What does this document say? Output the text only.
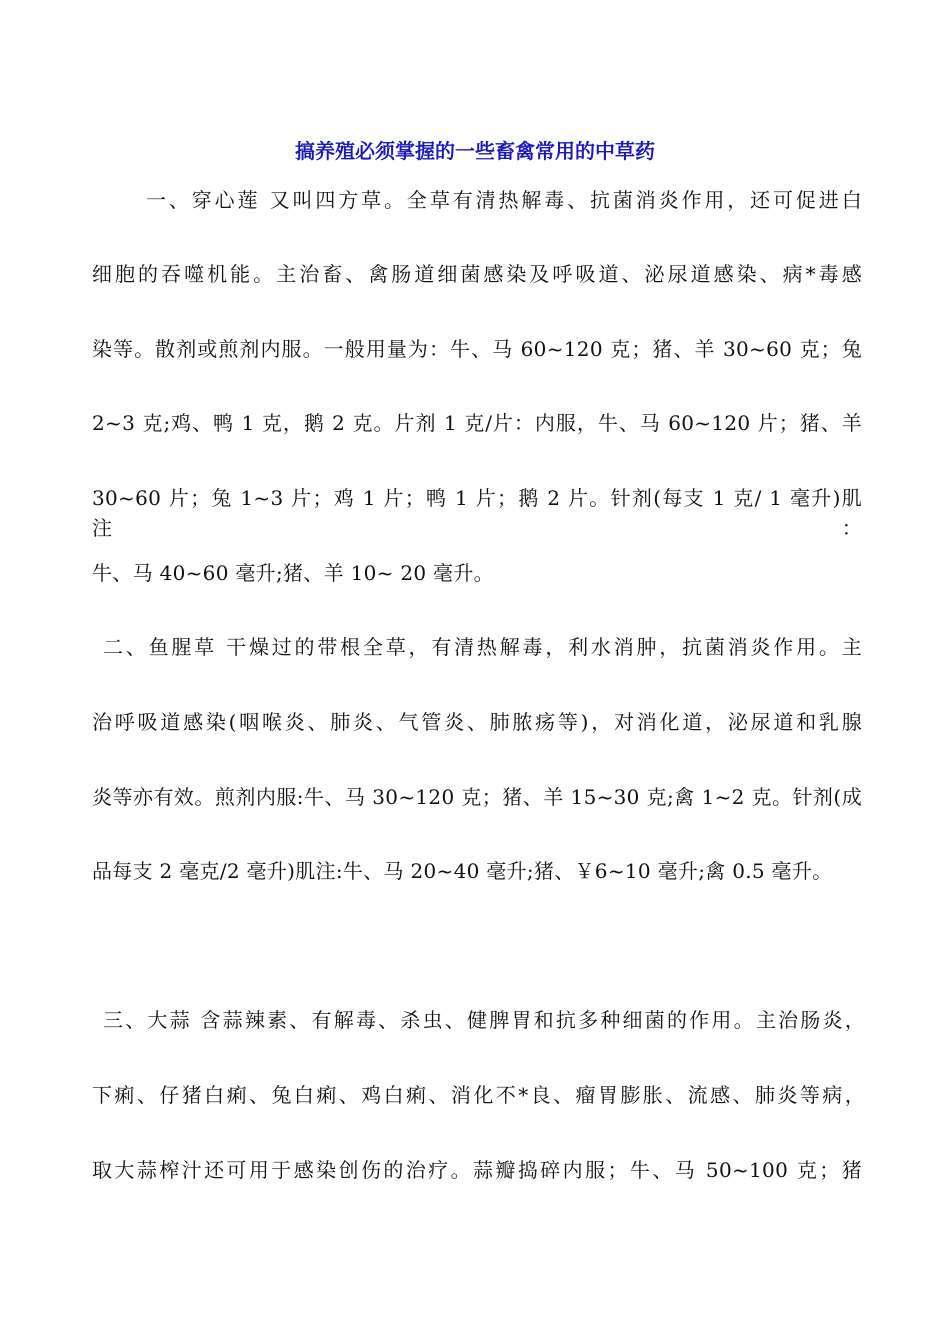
搞养殖必须掌握的一些畜禽常用的中草药

一、穿心莲 又叫四方草。全草有清热解毒、抗菌消炎作用，还可促进白

细胞的吞噬机能。主治畜、禽肠道细菌感染及呼吸道、泌尿道感染、病*毒感

染等。散剂或煎剂内服。一般用量为：牛、马 60~120 克；猪、羊 30~60 克；兔

2~3 克;鸡、鸭 1 克，鹅 2 克。片剂 1 克/片：内服，牛、马 60~120 片；猪、羊

30~60 片；兔 1~3 片；鸡 1 片；鸭 1 片；鹅 2 片。针剂(每支 1 克/ 1 毫升)肌注：

牛、马 40~60 毫升;猪、羊 10~ 20 毫升。

二、鱼腥草 干燥过的带根全草，有清热解毒，利水消肿，抗菌消炎作用。主

治呼吸道感染(咽喉炎、肺炎、气管炎、肺脓疡等)，对消化道，泌尿道和乳腺

炎等亦有效。煎剂内服:牛、马 30~120 克；猪、羊 15~30 克;禽 1~2 克。针剂(成

品每支 2 毫克/2 毫升)肌注:牛、马 20~40 毫升;猪、￥6~10 毫升;禽 0.5 毫升。

三、大蒜 含蒜辣素、有解毒、杀虫、健脾胃和抗多种细菌的作用。主治肠炎，

下痢、仔猪白痢、兔白痢、鸡白痢、消化不*良、瘤胃膨胀、流感、肺炎等病，

取大蒜榨汁还可用于感染创伤的治疗。蒜瓣捣碎内服；牛、马 50~100 克；猪
